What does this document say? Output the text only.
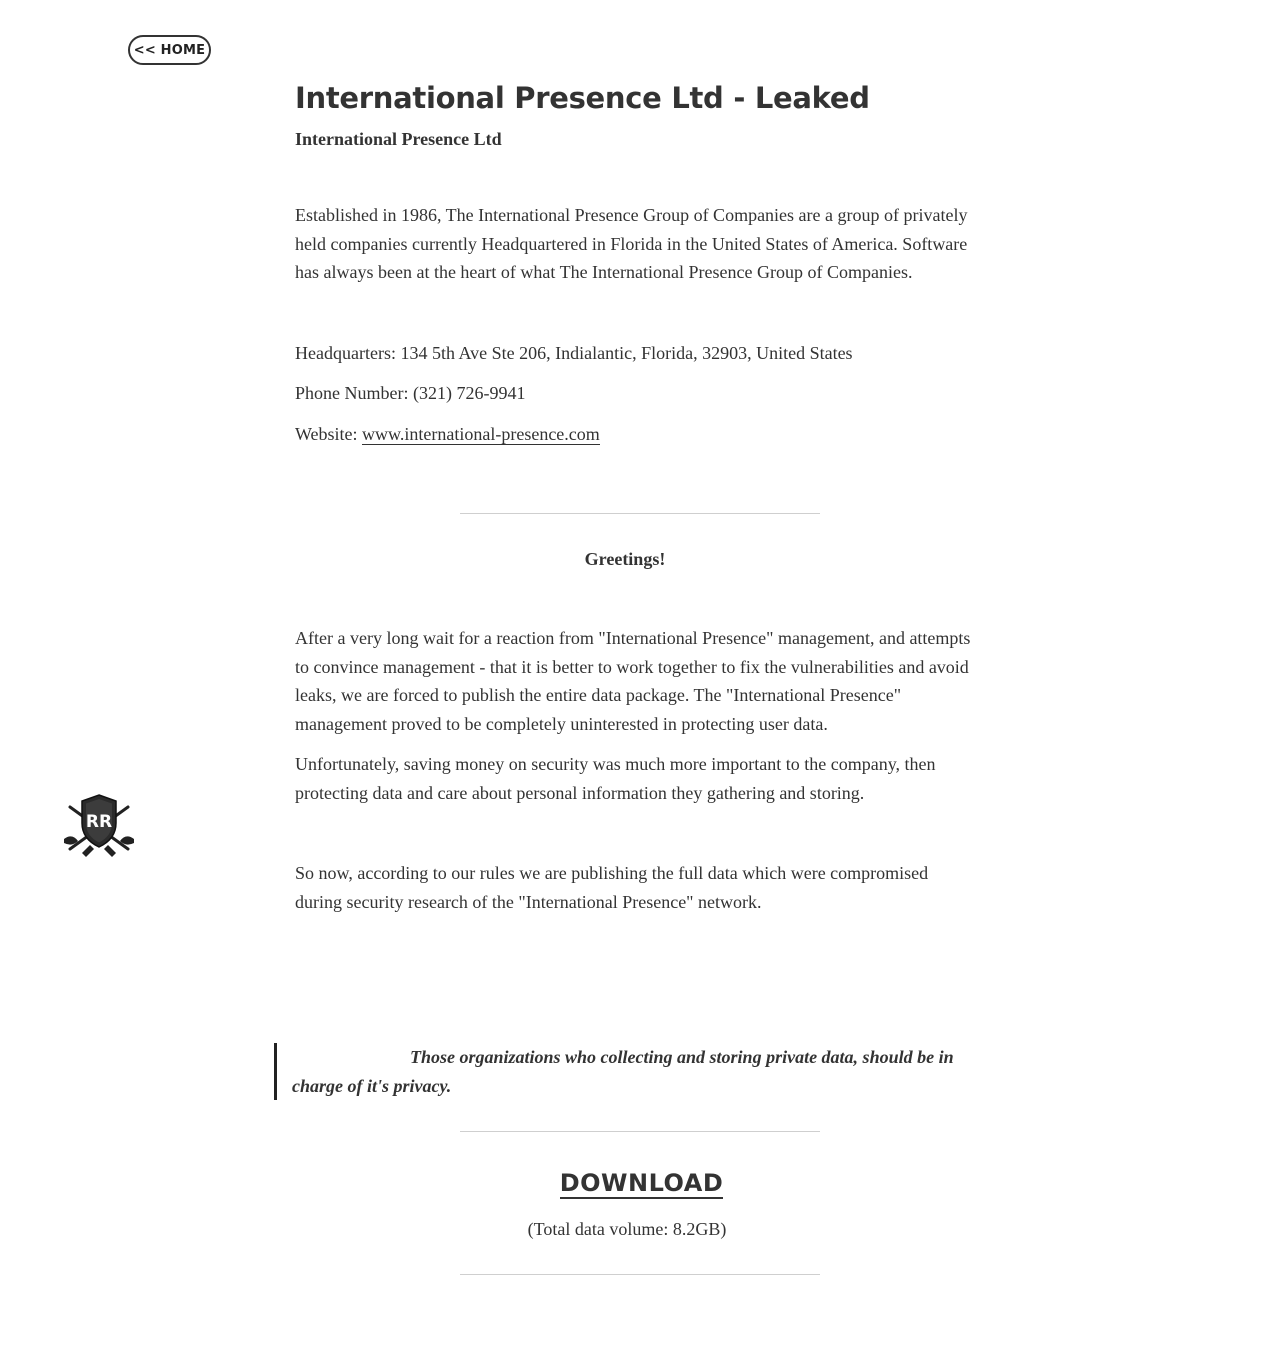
<< HOME
RR
International Presence Ltd - Leaked

International Presence Ltd

Established in 1986, The International Presence Group of Companies are a group of privately held companies currently Headquartered in Florida in the United States of America. Software has always been at the heart of what The International Presence Group of Companies.

Headquarters: 134 5th Ave Ste 206, Indialantic, Florida, 32903, United States

Phone Number: (321) 726-9941

Website: www.international-presence.com

Greetings!

After a very long wait for a reaction from "International Presence" management, and attempts to convince management - that it is better to work together to fix the vulnerabilities and avoid leaks, we are forced to publish the entire data package. The "International Presence" management proved to be completely uninterested in protecting user data.

Unfortunately, saving money on security was much more important to the company, then protecting data and care about personal information they gathering and storing.

So now, according to our rules we are publishing the full data which were compromised during security research of the "International Presence" network.

Those organizations who collecting and storing private data, should be in charge of it's privacy.
DOWNLOAD
(Total data volume: 8.2GB)
